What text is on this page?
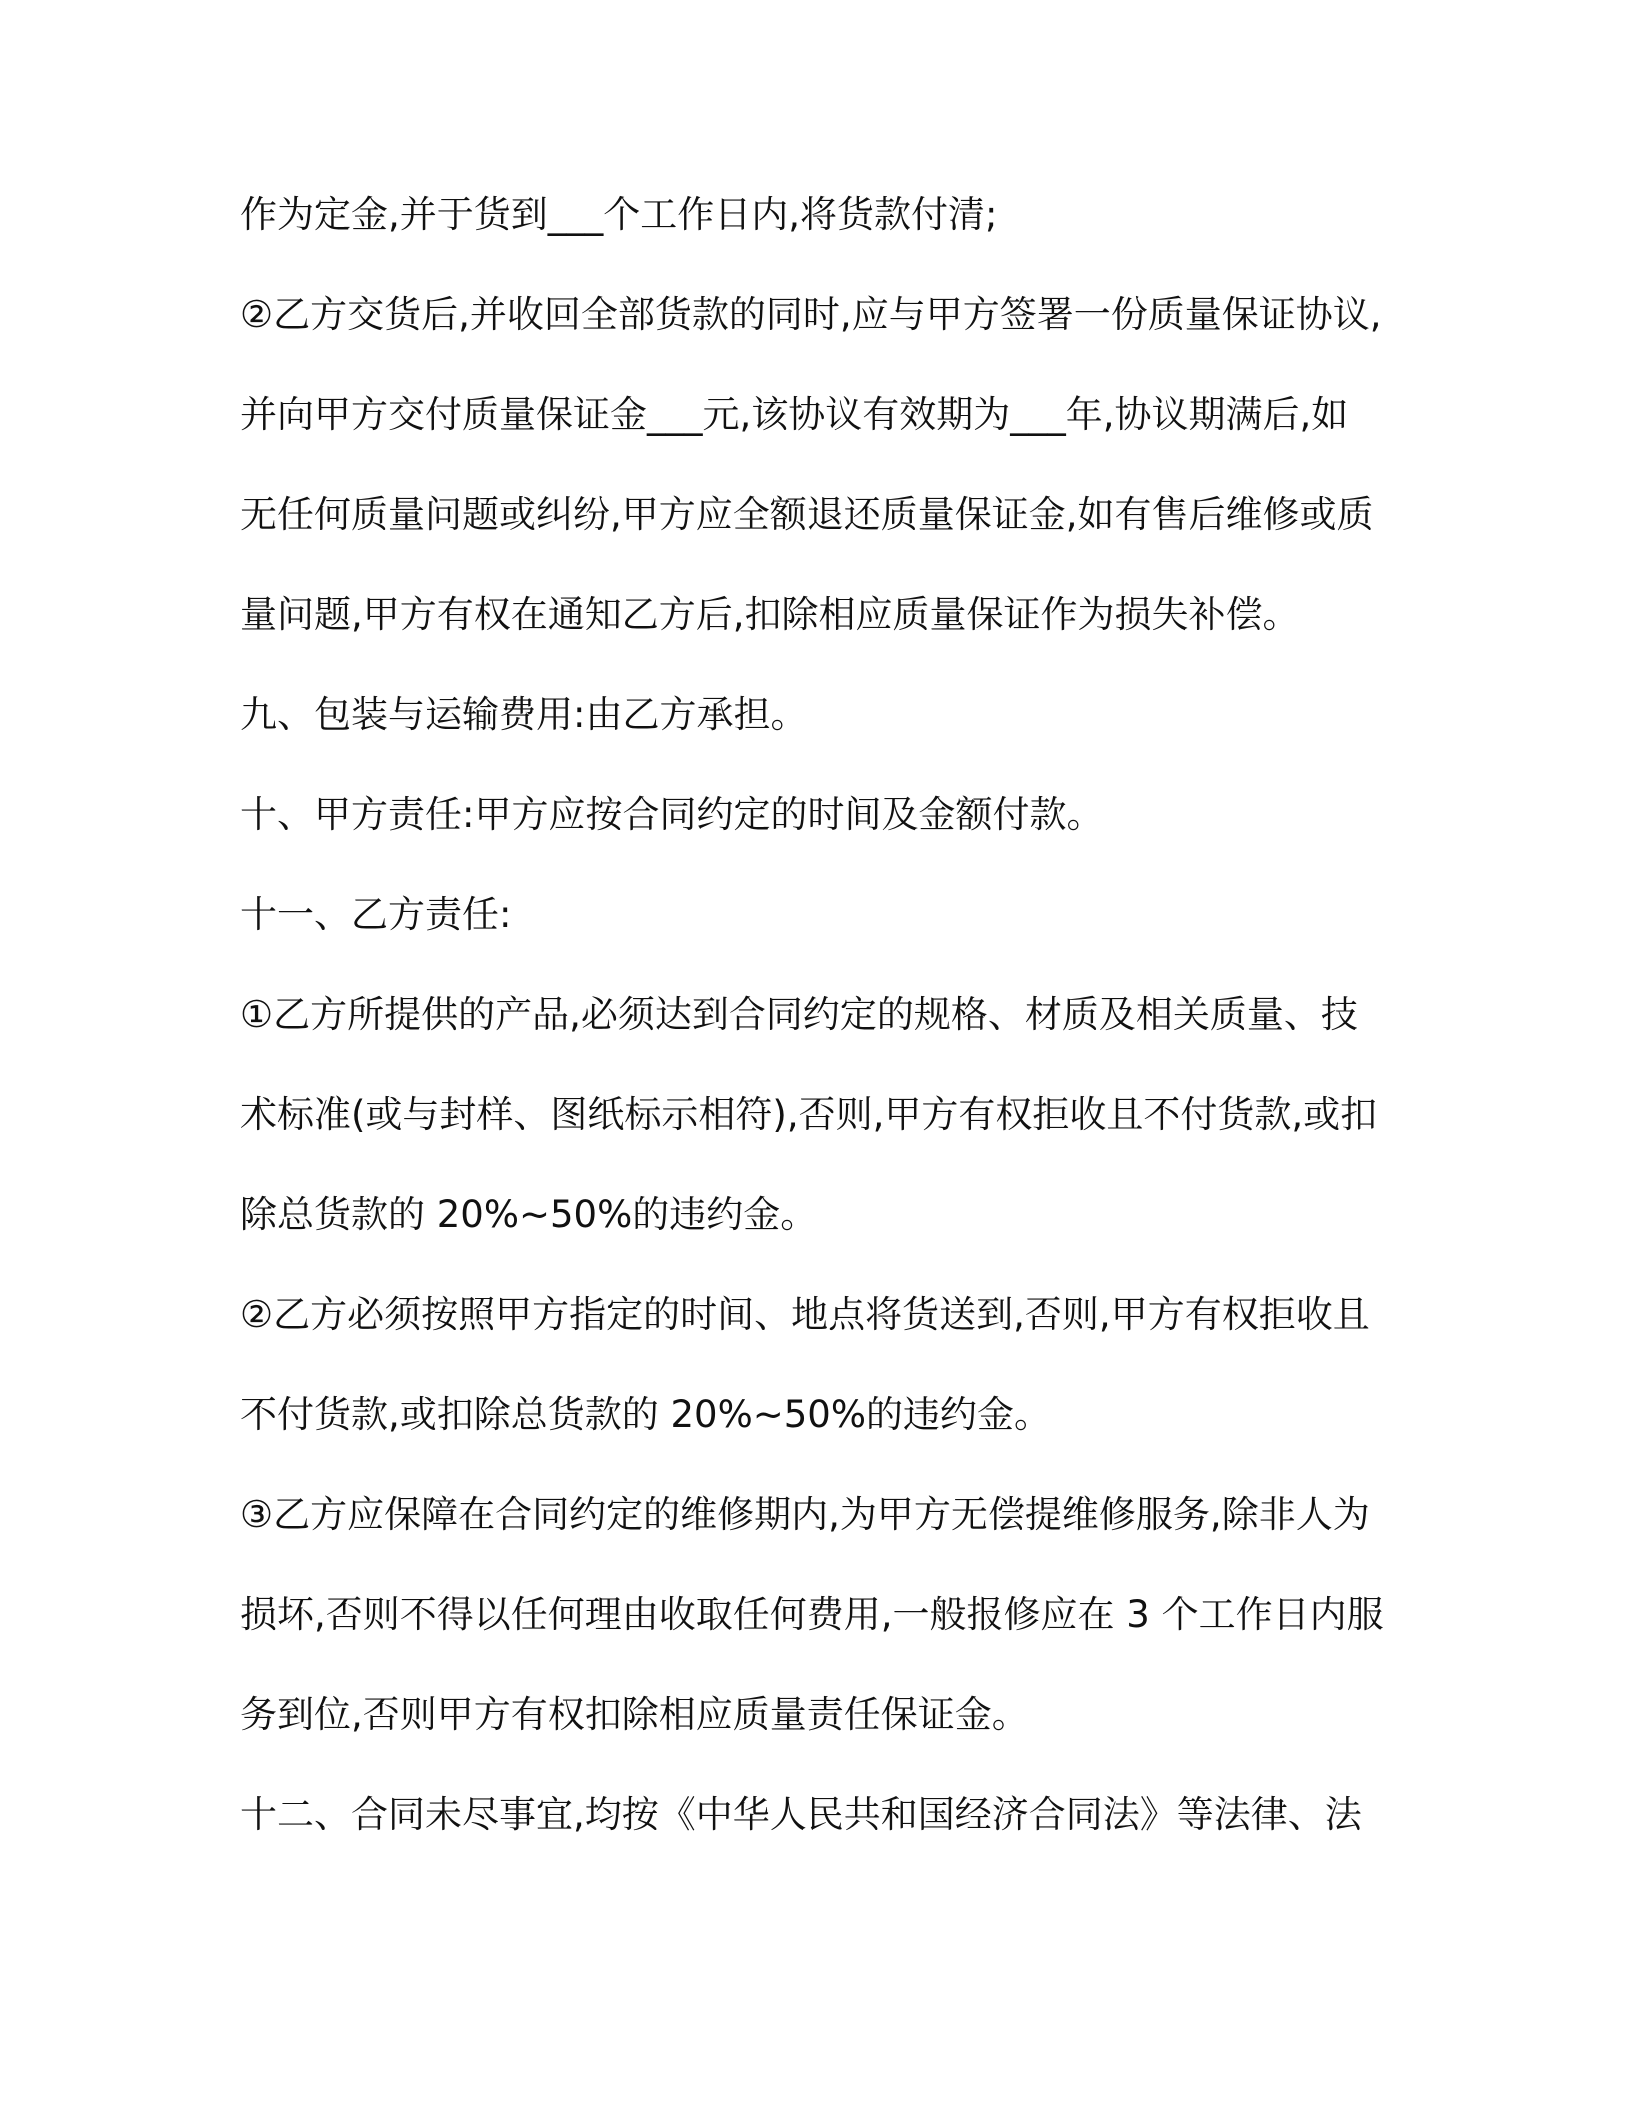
作为定金,并于货到___个工作日内,将货款付清;
②乙方交货后,并收回全部货款的同时,应与甲方签署一份质量保证协议,
并向甲方交付质量保证金___元,该协议有效期为___年,协议期满后,如
无任何质量问题或纠纷,甲方应全额退还质量保证金,如有售后维修或质
量问题,甲方有权在通知乙方后,扣除相应质量保证作为损失补偿。
九、包装与运输费用:由乙方承担。
十、甲方责任:甲方应按合同约定的时间及金额付款。
十一、乙方责任:
①乙方所提供的产品,必须达到合同约定的规格、材质及相关质量、技
术标准(或与封样、图纸标示相符),否则,甲方有权拒收且不付货款,或扣
除总货款的 20%~50%的违约金。
②乙方必须按照甲方指定的时间、地点将货送到,否则,甲方有权拒收且
不付货款,或扣除总货款的 20%~50%的违约金。
③乙方应保障在合同约定的维修期内,为甲方无偿提维修服务,除非人为
损坏,否则不得以任何理由收取任何费用,一般报修应在 3 个工作日内服
务到位,否则甲方有权扣除相应质量责任保证金。
十二、合同未尽事宜,均按《中华人民共和国经济合同法》等法律、法
